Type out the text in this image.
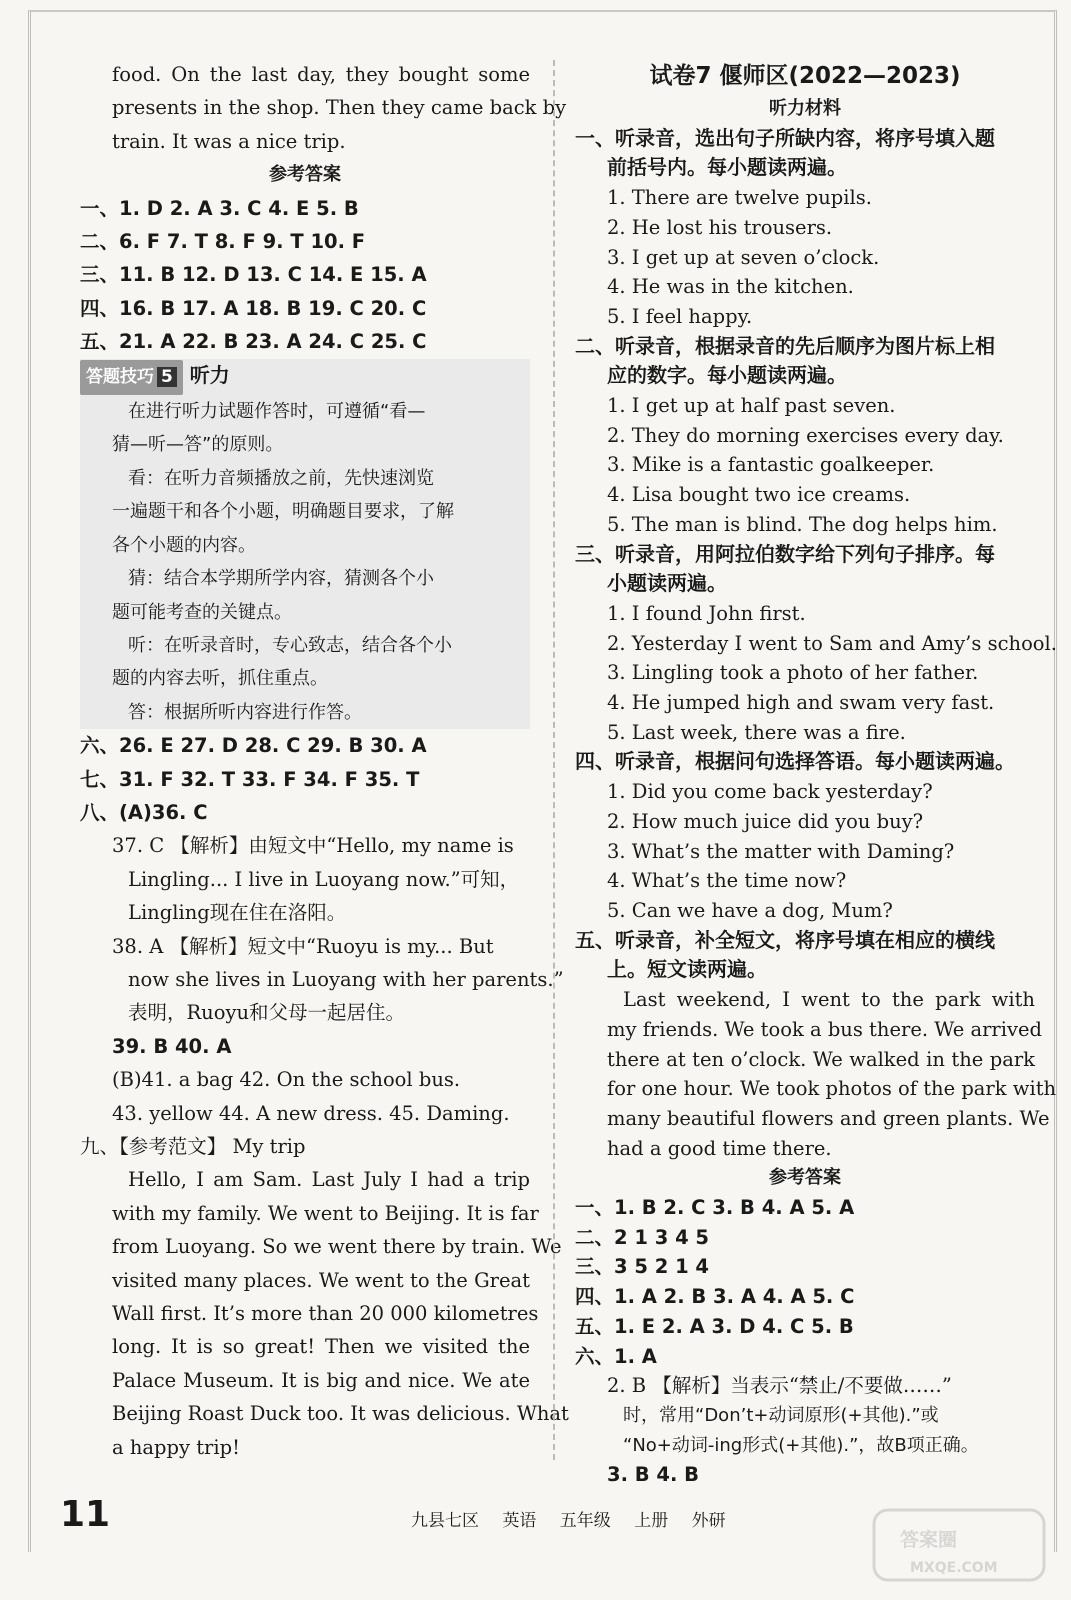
food. On the last day, they bought some
presents in the shop. Then they came back by
train. It was a nice trip.
参考答案
一、1. D 2. A 3. C 4. E 5. B
二、6. F 7. T 8. F 9. T 10. F
三、11. B 12. D 13. C 14. E 15. A
四、16. B 17. A 18. B 19. C 20. C
五、21. A 22. B 23. A 24. C 25. C
答题技巧 5 听力
在进行听力试题作答时，可遵循“看—
猜—听—答”的原则。
看：在听力音频播放之前，先快速浏览
一遍题干和各个小题，明确题目要求，了解
各个小题的内容。
猜：结合本学期所学内容，猜测各个小
题可能考查的关键点。
听：在听录音时，专心致志，结合各个小
题的内容去听，抓住重点。
答：根据所听内容进行作答。
六、26. E 27. D 28. C 29. B 30. A
七、31. F 32. T 33. F 34. F 35. T
八、(A)36. C
37. C 【解析】由短文中“Hello, my name is
Lingling... I live in Luoyang now.”可知，
Lingling现在住在洛阳。
38. A 【解析】短文中“Ruoyu is my... But
now she lives in Luoyang with her parents.”
表明，Ruoyu和父母一起居住。
39. B 40. A
(B)41. a bag 42. On the school bus.
43. yellow 44. A new dress. 45. Daming.
九、【参考范文】 My trip
Hello, I am Sam. Last July I had a trip
with my family. We went to Beijing. It is far
from Luoyang. So we went there by train. We
visited many places. We went to the Great
Wall first. It’s more than 20 000 kilometres
long. It is so great! Then we visited the
Palace Museum. It is big and nice. We ate
Beijing Roast Duck too. It was delicious. What
a happy trip!
试卷7 偃师区(2022—2023)
听力材料
一、听录音，选出句子所缺内容，将序号填入题
前括号内。每小题读两遍。
1. There are twelve pupils.
2. He lost his trousers.
3. I get up at seven o’clock.
4. He was in the kitchen.
5. I feel happy.
二、听录音，根据录音的先后顺序为图片标上相
应的数字。每小题读两遍。
1. I get up at half past seven.
2. They do morning exercises every day.
3. Mike is a fantastic goalkeeper.
4. Lisa bought two ice creams.
5. The man is blind. The dog helps him.
三、听录音，用阿拉伯数字给下列句子排序。每
小题读两遍。
1. I found John first.
2. Yesterday I went to Sam and Amy’s school.
3. Lingling took a photo of her father.
4. He jumped high and swam very fast.
5. Last week, there was a fire.
四、听录音，根据问句选择答语。每小题读两遍。
1. Did you come back yesterday?
2. How much juice did you buy?
3. What’s the matter with Daming?
4. What’s the time now?
5. Can we have a dog, Mum?
五、听录音，补全短文，将序号填在相应的横线
上。短文读两遍。
Last weekend, I went to the park with
my friends. We took a bus there. We arrived
there at ten o’clock. We walked in the park
for one hour. We took photos of the park with
many beautiful flowers and green plants. We
had a good time there.
参考答案
一、1. B 2. C 3. B 4. A 5. A
二、2 1 3 4 5
三、3 5 2 1 4
四、1. A 2. B 3. A 4. A 5. C
五、1. E 2. A 3. D 4. C 5. B
六、1. A
2. B 【解析】当表示“禁止/不要做……”
时，常用“Don’t+动词原形(+其他).”或
“No+动词-ing形式(+其他).”，故B项正确。
3. B 4. B
11	九县七区 英语 五年级 上册 外研
答案圈
MXQE.COM
